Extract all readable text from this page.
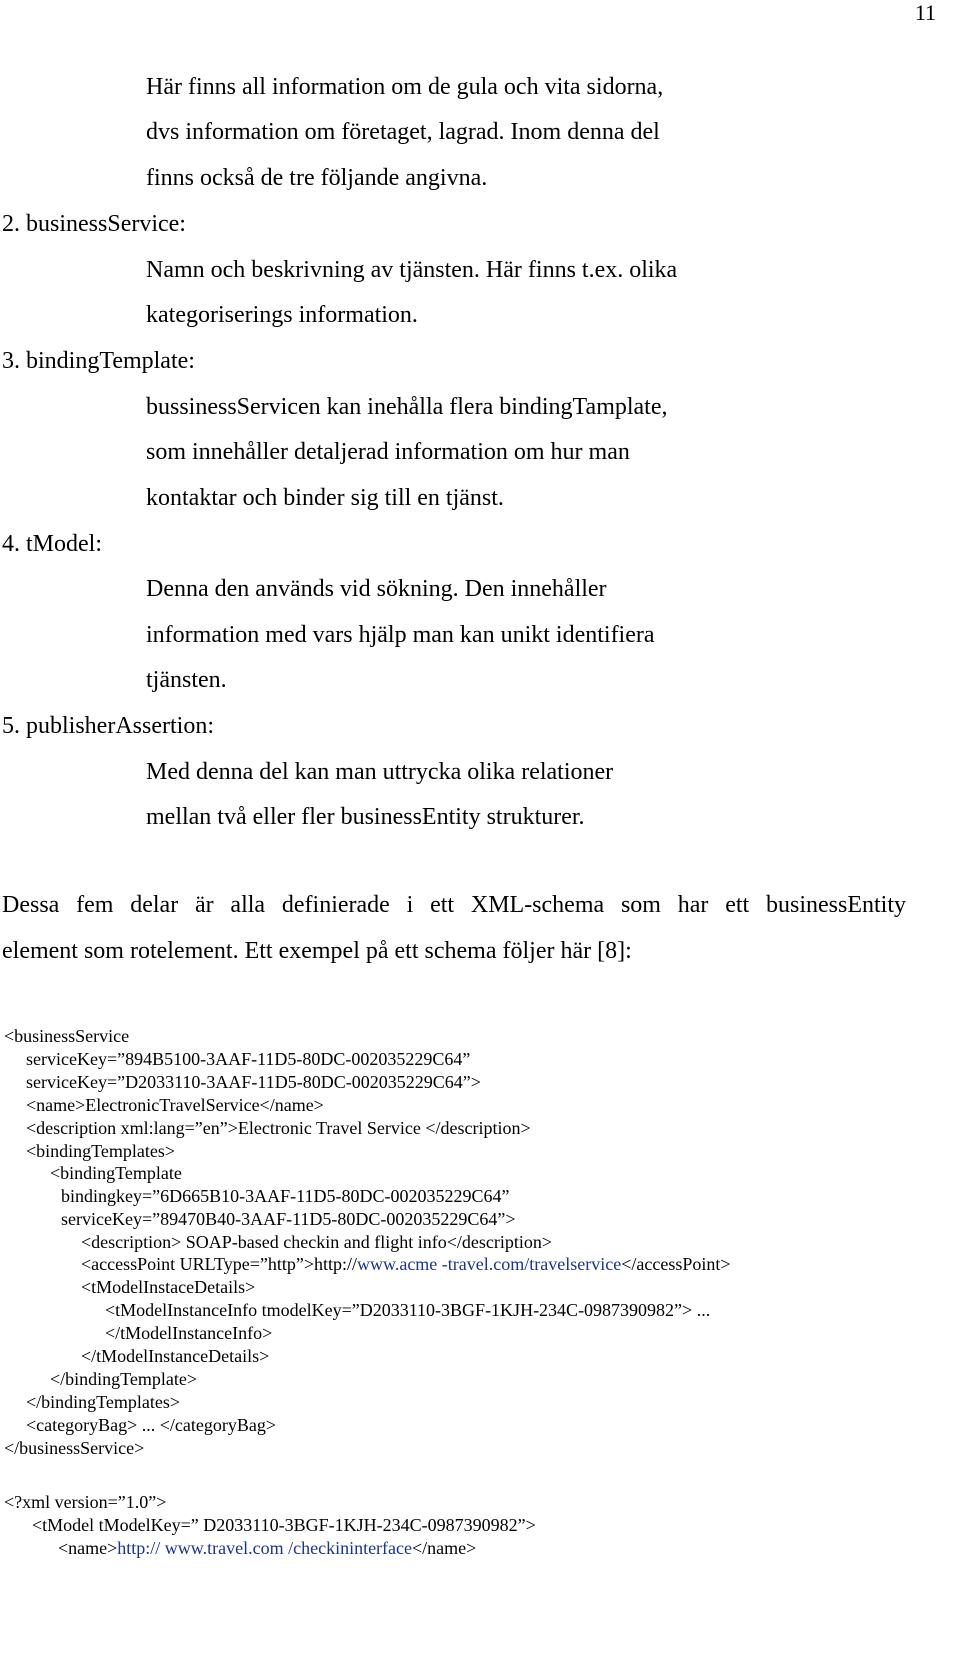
11
Här finns all information om de gula och vita sidorna,
dvs information om företaget, lagrad. Inom denna del
finns också de tre följande angivna.
2. businessService:
Namn och beskrivning av tjänsten. Här finns t.ex. olika
kategoriserings information.
3. bindingTemplate:
bussinessServicen kan inehålla flera bindingTamplate,
som innehåller detaljerad information om hur man
kontaktar och binder sig till en tjänst.
4. tModel:
Denna den används vid sökning. Den innehåller
information med vars hjälp man kan unikt identifiera
tjänsten.
5. publisherAssertion:
Med denna del kan man uttrycka olika relationer
mellan två eller fler businessEntity strukturer.
Dessa fem delar är alla definierade i ett XML-schema som har ett businessEntity
element som rotelement. Ett exempel på ett schema följer här [8]:
<businessService
serviceKey=”894B5100-3AAF-11D5-80DC-002035229C64”
serviceKey=”D2033110-3AAF-11D5-80DC-002035229C64”>
<name>ElectronicTravelService</name>
<description xml:lang=”en”>Electronic Travel Service </description>
<bindingTemplates>
<bindingTemplate
bindingkey=”6D665B10-3AAF-11D5-80DC-002035229C64”
serviceKey=”89470B40-3AAF-11D5-80DC-002035229C64”>
<description> SOAP-based checkin and flight info</description>
<accessPoint URLType=”http”>http://www.acme -travel.com/travelservice</accessPoint>
<tModelInstaceDetails>
<tModelInstanceInfo tmodelKey=”D2033110-3BGF-1KJH-234C-0987390982”> ...
</tModelInstanceInfo>
</tModelInstanceDetails>
</bindingTemplate>
</bindingTemplates>
<categoryBag> ... </categoryBag>
</businessService>
<?xml version=”1.0”>
<tModel tModelKey=” D2033110-3BGF-1KJH-234C-0987390982”>
<name>http:// www.travel.com /checkininterface</name>
